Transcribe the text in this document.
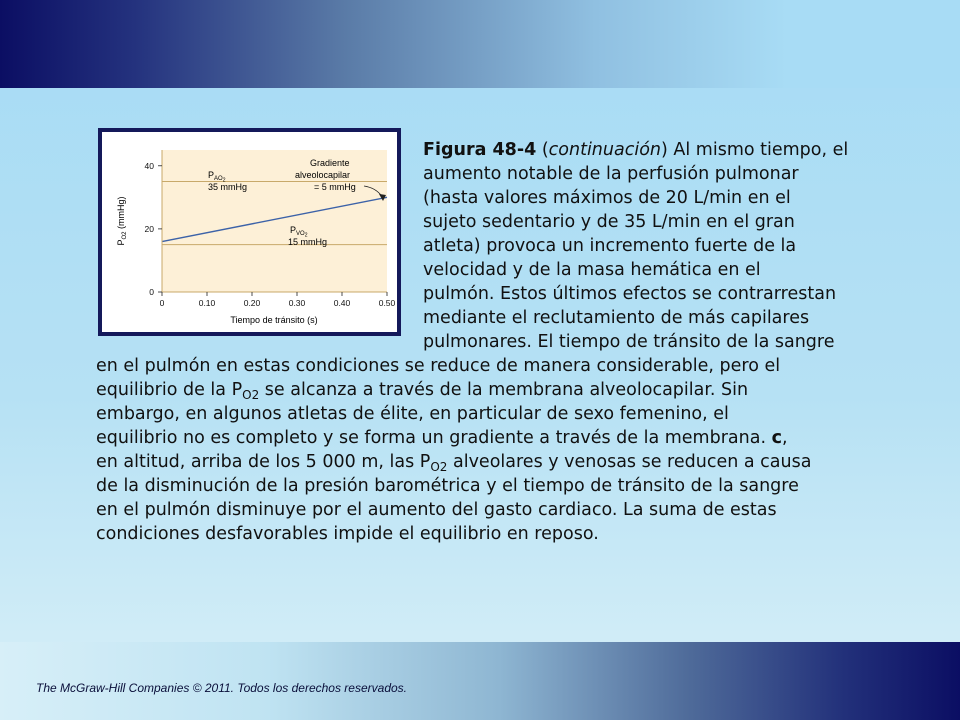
0	0.10	0.20	0.30	0.40	0.50
0
20
40
$P_{AO}2$
35 mmHg
$P_{VO}2$
15 mmHg
Gradiente
alveolocapilar
= 5 mmHg
Tiempo de tránsito (s)
$P_{O2}$ (mmHg)
Figura 48-4 (continuación) Al mismo tiempo, el
aumento notable de la perfusión pulmonar
(hasta valores máximos de 20 L/min en el
sujeto sedentario y de 35 L/min en el gran
atleta) provoca un incremento fuerte de la
velocidad y de la masa hemática en el
pulmón. Estos últimos efectos se contrarrestan
mediante el reclutamiento de más capilares
pulmonares. El tiempo de tránsito de la sangre
en el pulmón en estas condiciones se reduce de manera considerable, pero el
equilibrio de la $P_{O2}$ se alcanza a través de la membrana alveolocapilar. Sin
embargo, en algunos atletas de élite, en particular de sexo femenino, el
equilibrio no es completo y se forma un gradiente a través de la membrana. c,
en altitud, arriba de los 5 000 m, las $P_{O2}$ alveolares y venosas se reducen a causa
de la disminución de la presión barométrica y el tiempo de tránsito de la sangre
en el pulmón disminuye por el aumento del gasto cardiaco. La suma de estas
condiciones desfavorables impide el equilibrio en reposo.
The McGraw-Hill Companies © 2011. Todos los derechos reservados.
